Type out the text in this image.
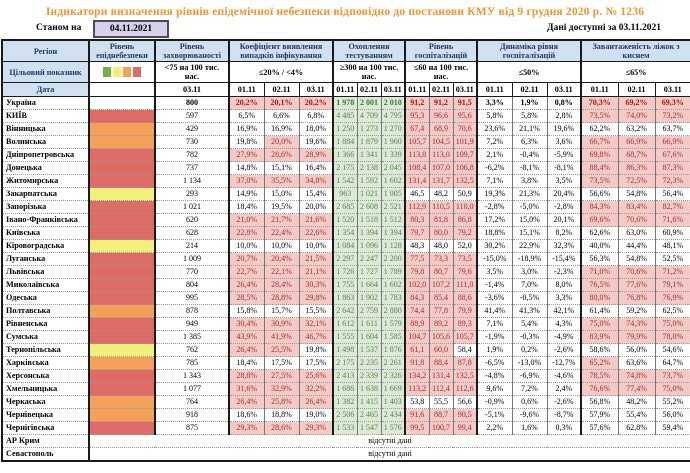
Індикатори визначення рівнів епідемічної небезпеки відповідно до постанови КМУ від 9 грудня 2020 р. № 1236
Станом на	04.11.2021	Дані доступні за 03.11.2021
Регіон	Рівень епіднебезпеки	Рівень захворюваності	Коефіцієнт виявлення випадків інфікування			Охоплення тестуванням			Рівень госпіталізацій			Динаміка рівня госпіталізацій			Завантаженість ліжок з киснем		
Цільовий показник		<75 на 100 тис. нас.	≤20% / <4%			≥300 на 100 тис. нас.			≤60 на 100 тис. нас.			≤50%			≤65%		
Дата		03.11	01.11	02.11	03.11	01.11	02.11	03.11	01.11	02.11	03.11	01.11	02.11	03.11	01.11	02.11	03.11
Україна		800	20,2%	20,1%	20,2%	1 978	2 001	2 010	91,2	91,2	91,5	3,3%	1,9%	0,8%	70,3%	69,2%	69,3%
КИЇВ		597	6,5%	6,6%	6,8%	4 485	4 709	4 795	95,3	96,6	95,6	5,8%	5,8%	2,8%	73,5%	74,0%	73,2%
Вінницька		429	16,9%	16,9%	18,0%	1 250	1 273	1 270	67,4	68,9	70,6	23,6%	21,1%	19,6%	62,2%	63,2%	63,7%
Волинська		730	19,8%	20,0%	19,6%	1 884	1 879	1 960	105,7	104,5	101,9	7,2%	6,3%	3,6%	66,7%	66,9%	66,9%
Дніпропетровська		782	27,9%	28,6%	28,9%	1 366	1 341	1 339	113,8	113,0	109,7	2,1%	-0,4%	-5,9%	69,8%	68,7%	67,6%
Донецька		737	14,8%	15,1%	16,4%	2 175	2 138	2 045	108,4	107,0	106,8	-6,2%	-8,1%	-8,1%	88,4%	86,3%	87,3%
Житомирська		1 134	37,0%	35,5%	34,8%	1 542	1 592	1 602	131,4	131,7	132,5	7,1%	3,8%	3,5%	73,5%	72,5%	72,3%
Закарпатська		293	14,9%	15,0%	15,4%	963	1 021	1 005	46,5	48,2	50,9	19,3%	21,3%	20,4%	56,6%	54,8%	56,4%
Запорізька		1 021	18,4%	19,5%	20,0%	2 685	2 608	2 521	112,9	110,5	110,0	-2,8%	-5,0%	-2,8%	84,3%	83,4%	82,7%
Івано-Франківська		620	21,0%	21,7%	21,6%	1 520	1 518	1 512	80,3	81,8	86,8	17,2%	15,0%	20,1%	69,6%	70,6%	71,6%
Київська		628	22,8%	22,4%	22,6%	1 354	1 394	1 394	79,7	80,0	79,2	18,8%	15,1%	8,2%	62,6%	63,0%	60,9%
Кіровоградська		214	10,0%	10,0%	10,0%	1 084	1 096	1 128	48,3	48,0	52,0	30,2%	22,9%	32,3%	40,0%	44,4%	48,1%
Луганська		1 009	20,7%	20,4%	21,5%	2 297	2 247	2 200	77,5	73,3	73,5	-15,0%	-18,9%	-15,4%	56,3%	54,8%	52,5%
Львівська		770	22,7%	22,1%	21,1%	1 726	1 727	1 789	79,8	80,7	79,6	3,5%	3,0%	-2,3%	71,0%	70,6%	71,2%
Миколаївська		804	26,4%	28,4%	30,3%	1 755	1 664	1 602	102,0	107,2	111,0	-1,4%	7,0%	8,0%	76,5%	77,6%	79,1%
Одеська		995	28,5%	28,8%	29,8%	1 863	1 902	1 783	84,3	85,4	88,6	-3,6%	-0,5%	3,3%	80,0%	76,8%	76,9%
Полтавська		878	15,8%	15,7%	15,5%	2 642	2 759	2 880	74,4	77,8	79,9	41,4%	41,3%	42,1%	61,4%	59,2%	62,5%
Рівненська		949	30,4%	30,9%	32,1%	1 612	1 611	1 579	88,9	89,2	89,3	7,1%	5,4%	4,3%	75,0%	74,3%	75,0%
Сумська		1 385	43,9%	41,9%	46,7%	1 555	1 604	1 585	104,7	105,6	105,7	-1,9%	-0,3%	-4,9%	83,9%	79,9%	78,0%
Тернопільська		762	26,4%	25,5%	19,8%	1 498	1 537	1 876	61,1	60,0	58,4	1,9%	0,2%	-2,6%	58,6%	56,0%	54,6%
Харківська		785	18,4%	17,5%	17,5%	2 175	2 235	2 261	91,8	88,4	87,8	-6,5%	-13,0%	-12,7%	65,2%	63,6%	64,7%
Херсонська		1 343	28,8%	27,5%	25,6%	2 413	2 339	2 326	134,2	131,4	132,5	-4,8%	-6,9%	-4,6%	78,5%	74,8%	73,7%
Хмельницька		1 077	31,6%	32,9%	32,2%	1 686	1 638	1 669	113,2	112,4	112,6	9,6%	7,2%	2,4%	76,6%	77,4%	75,0%
Черкаська		764	26,4%	25,8%	26,4%	1 382	1 415	1 403	53,8	55,5	56,6	-0,9%	0,6%	-2,6%	56,8%	48,2%	55,2%
Чернівецька		918	18,6%	18,8%	19,0%	2 506	2 465	2 434	91,6	88,7	90,5	-5,1%	-9,6%	-8,7%	57,9%	55,4%	56,0%
Чернігівська		875	29,3%	28,6%	29,3%	1 533	1 547	1 576	99,5	100,7	99,4	2,2%	1,6%	0,3%	57,6%	62,8%	59,4%
АР Крим	відсутні дані																
Севастополь	відсутні дані																
